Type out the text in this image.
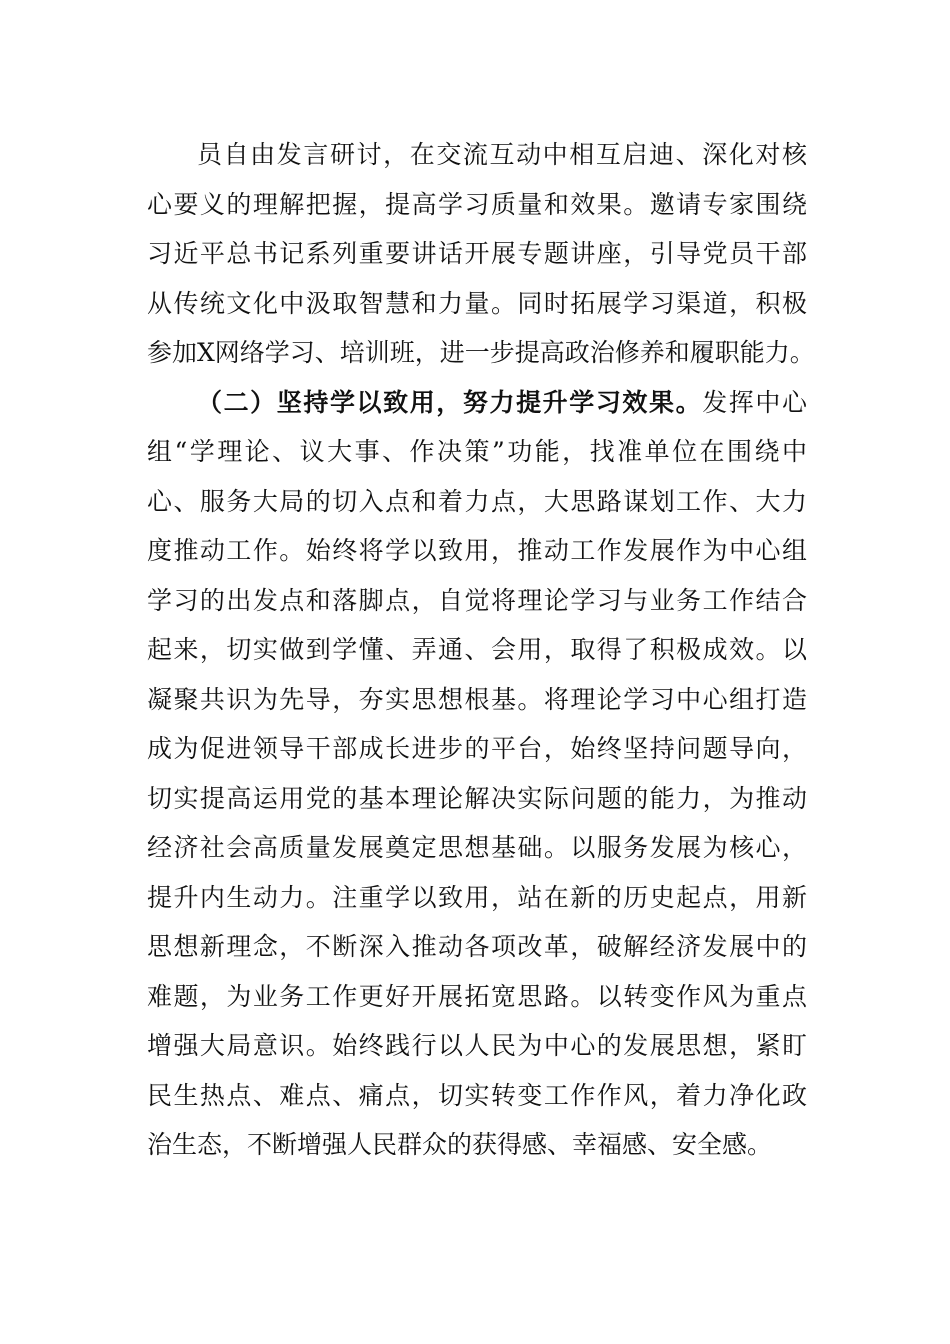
员自由发言研讨，在交流互动中相互启迪、深化对核
心要义的理解把握，提高学习质量和效果。邀请专家围绕
习近平总书记系列重要讲话开展专题讲座，引导党员干部
从传统文化中汲取智慧和力量。同时拓展学习渠道，积极
参加X网络学习、培训班，进一步提高政治修养和履职能力。
（二）坚持学以致用，努力提升学习效果。发挥中心
组“学理论、议大事、作决策”功能，找准单位在围绕中
心、服务大局的切入点和着力点，大思路谋划工作、大力
度推动工作。始终将学以致用，推动工作发展作为中心组
学习的出发点和落脚点，自觉将理论学习与业务工作结合
起来，切实做到学懂、弄通、会用，取得了积极成效。以
凝聚共识为先导，夯实思想根基。将理论学习中心组打造
成为促进领导干部成长进步的平台，始终坚持问题导向，
切实提高运用党的基本理论解决实际问题的能力，为推动
经济社会高质量发展奠定思想基础。以服务发展为核心，
提升内生动力。注重学以致用，站在新的历史起点，用新
思想新理念，不断深入推动各项改革，破解经济发展中的
难题，为业务工作更好开展拓宽思路。以转变作风为重点
增强大局意识。始终践行以人民为中心的发展思想，紧盯
民生热点、难点、痛点，切实转变工作作风，着力净化政
治生态，不断增强人民群众的获得感、幸福感、安全感。
